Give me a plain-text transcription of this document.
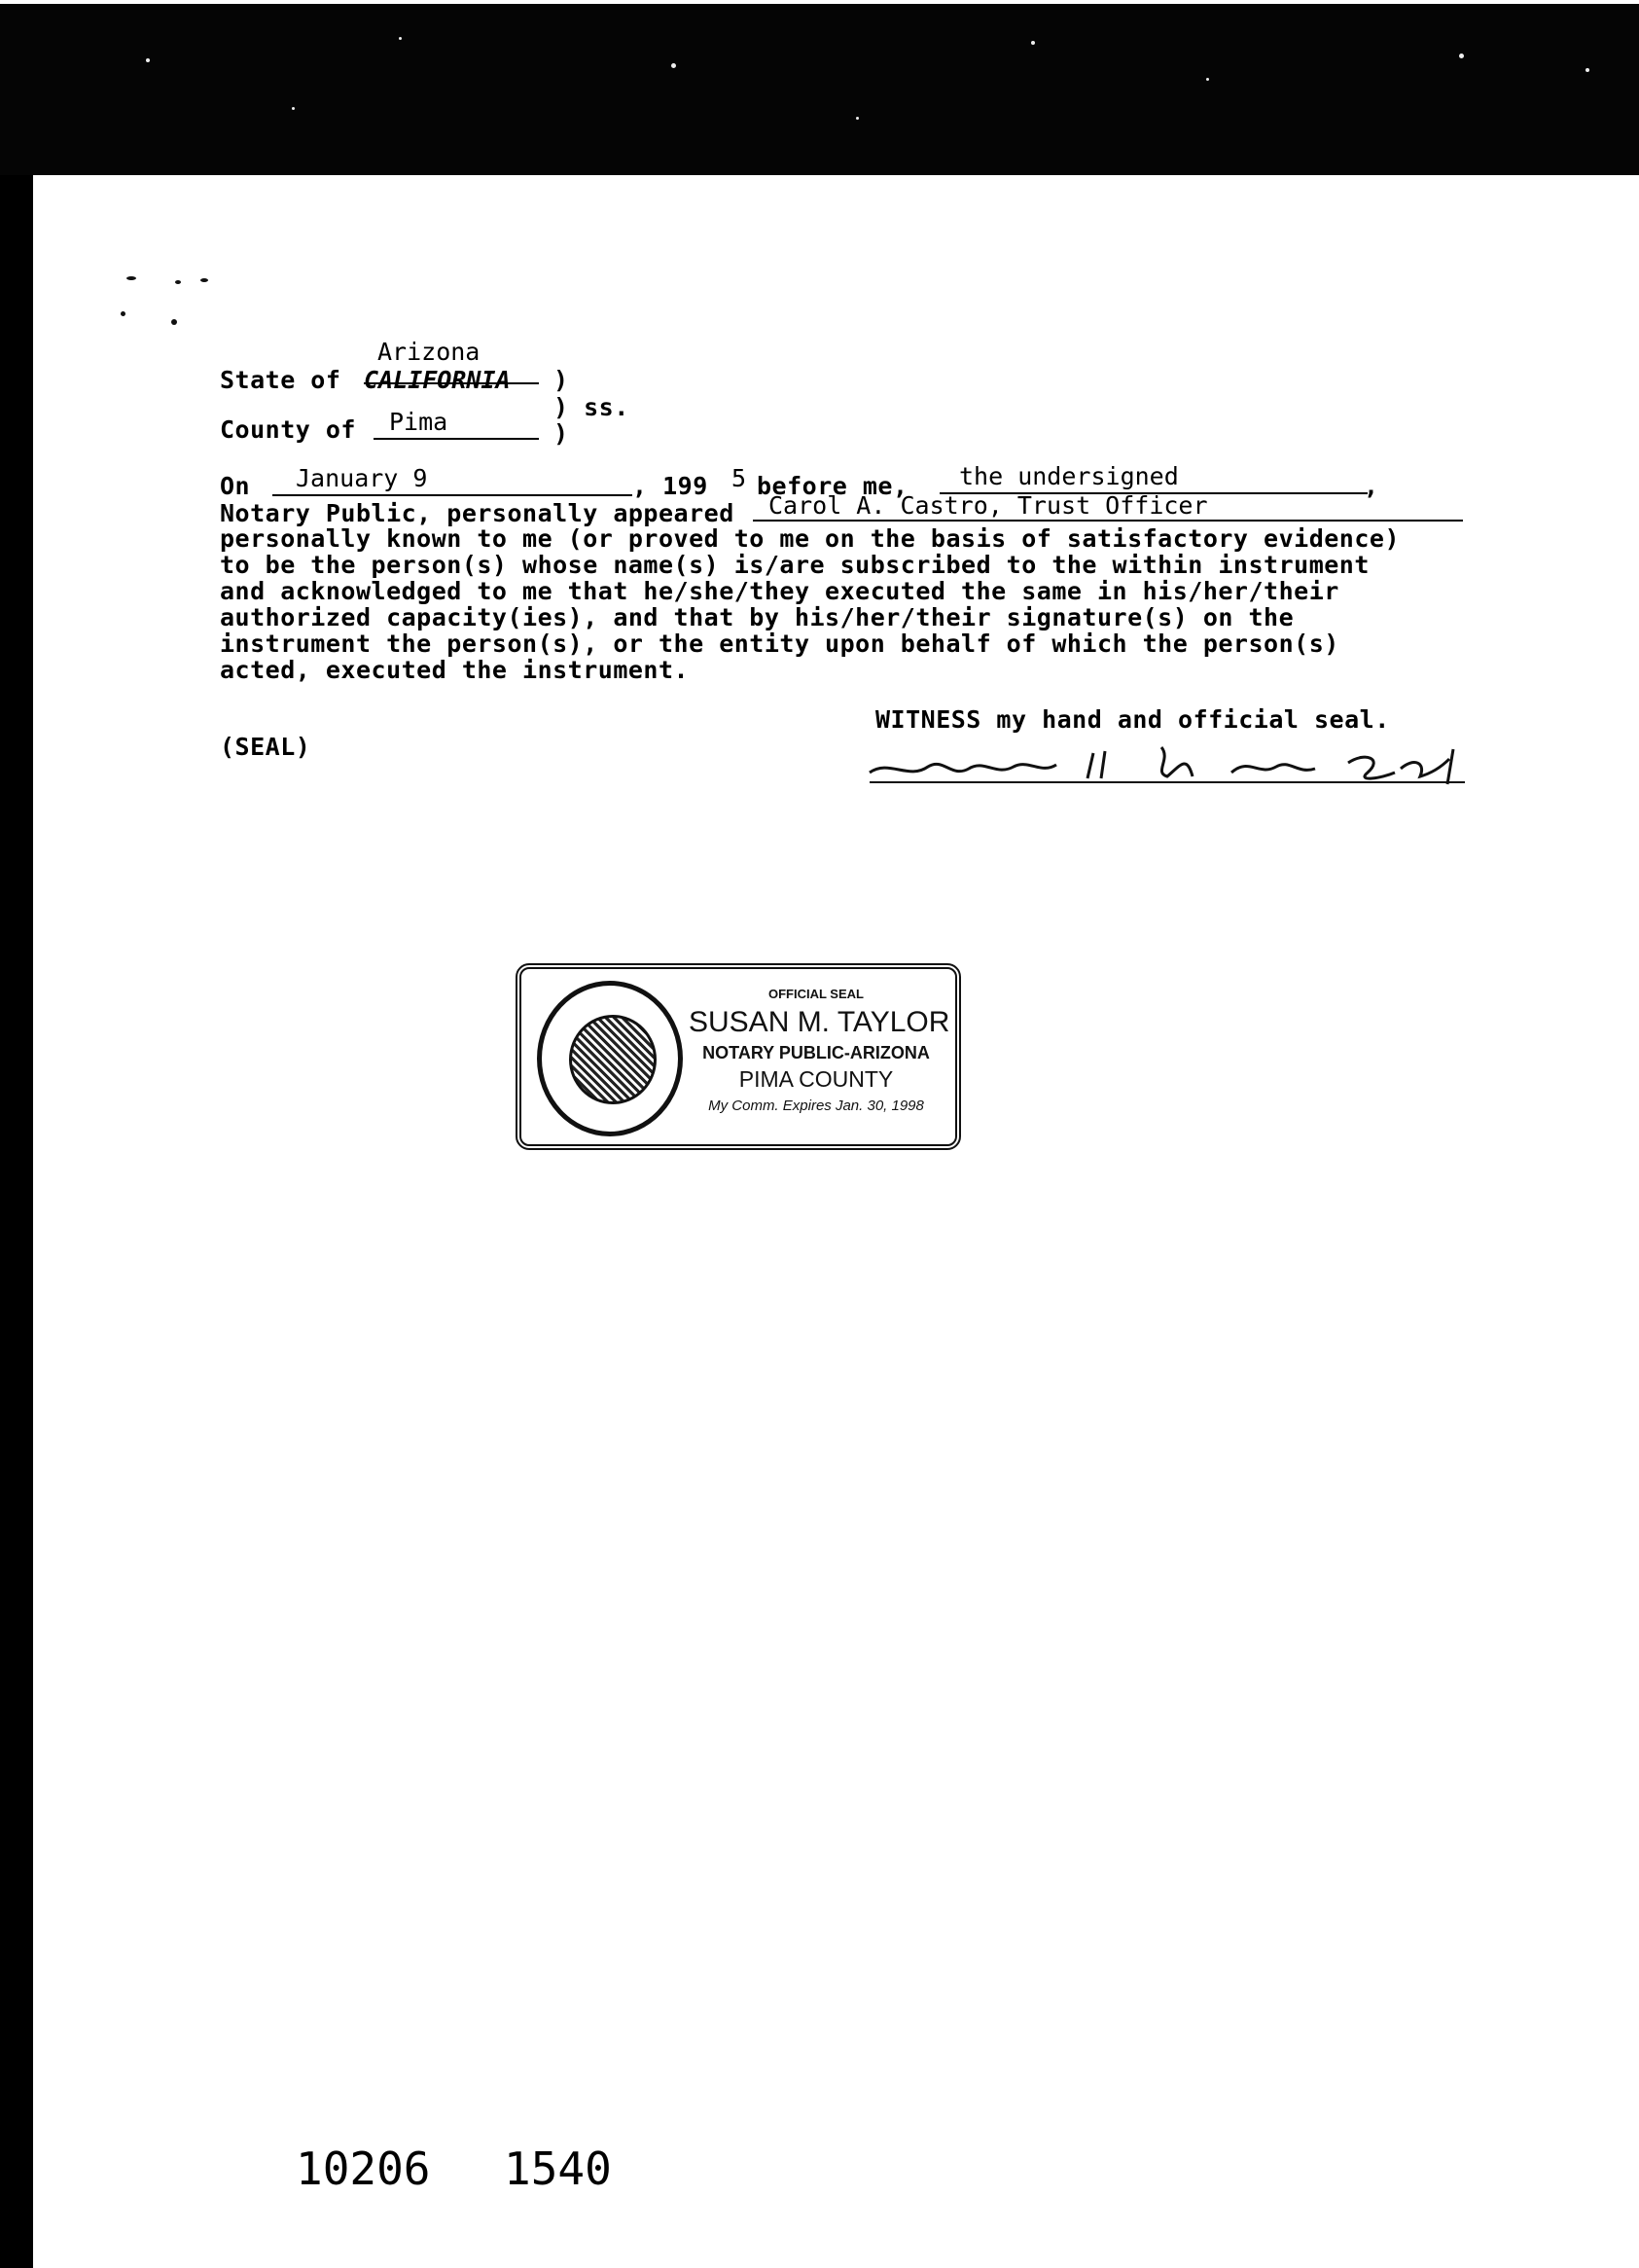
Arizona
State of CALIFORNIA )
) ss.
County of Pima	)
On January 9	, 199 5 before me, the undersigned	,
Notary Public, personally appeared Carol A. Castro, Trust Officer
personally known to me (or proved to me on the basis of satisfactory evidence)
to be the person(s) whose name(s) is/are subscribed to the within instrument
and acknowledged to me that he/she/they executed the same in his/her/their
authorized capacity(ies), and that by his/her/their signature(s) on the
instrument the person(s), or the entity upon behalf of which the person(s)
acted, executed the instrument.
WITNESS my hand and official seal.
(SEAL)
OFFICIAL SEAL
SUSAN M. TAYLOR
NOTARY PUBLIC-ARIZONA
PIMA COUNTY
My Comm. Expires Jan. 30, 1998
10206 1540
